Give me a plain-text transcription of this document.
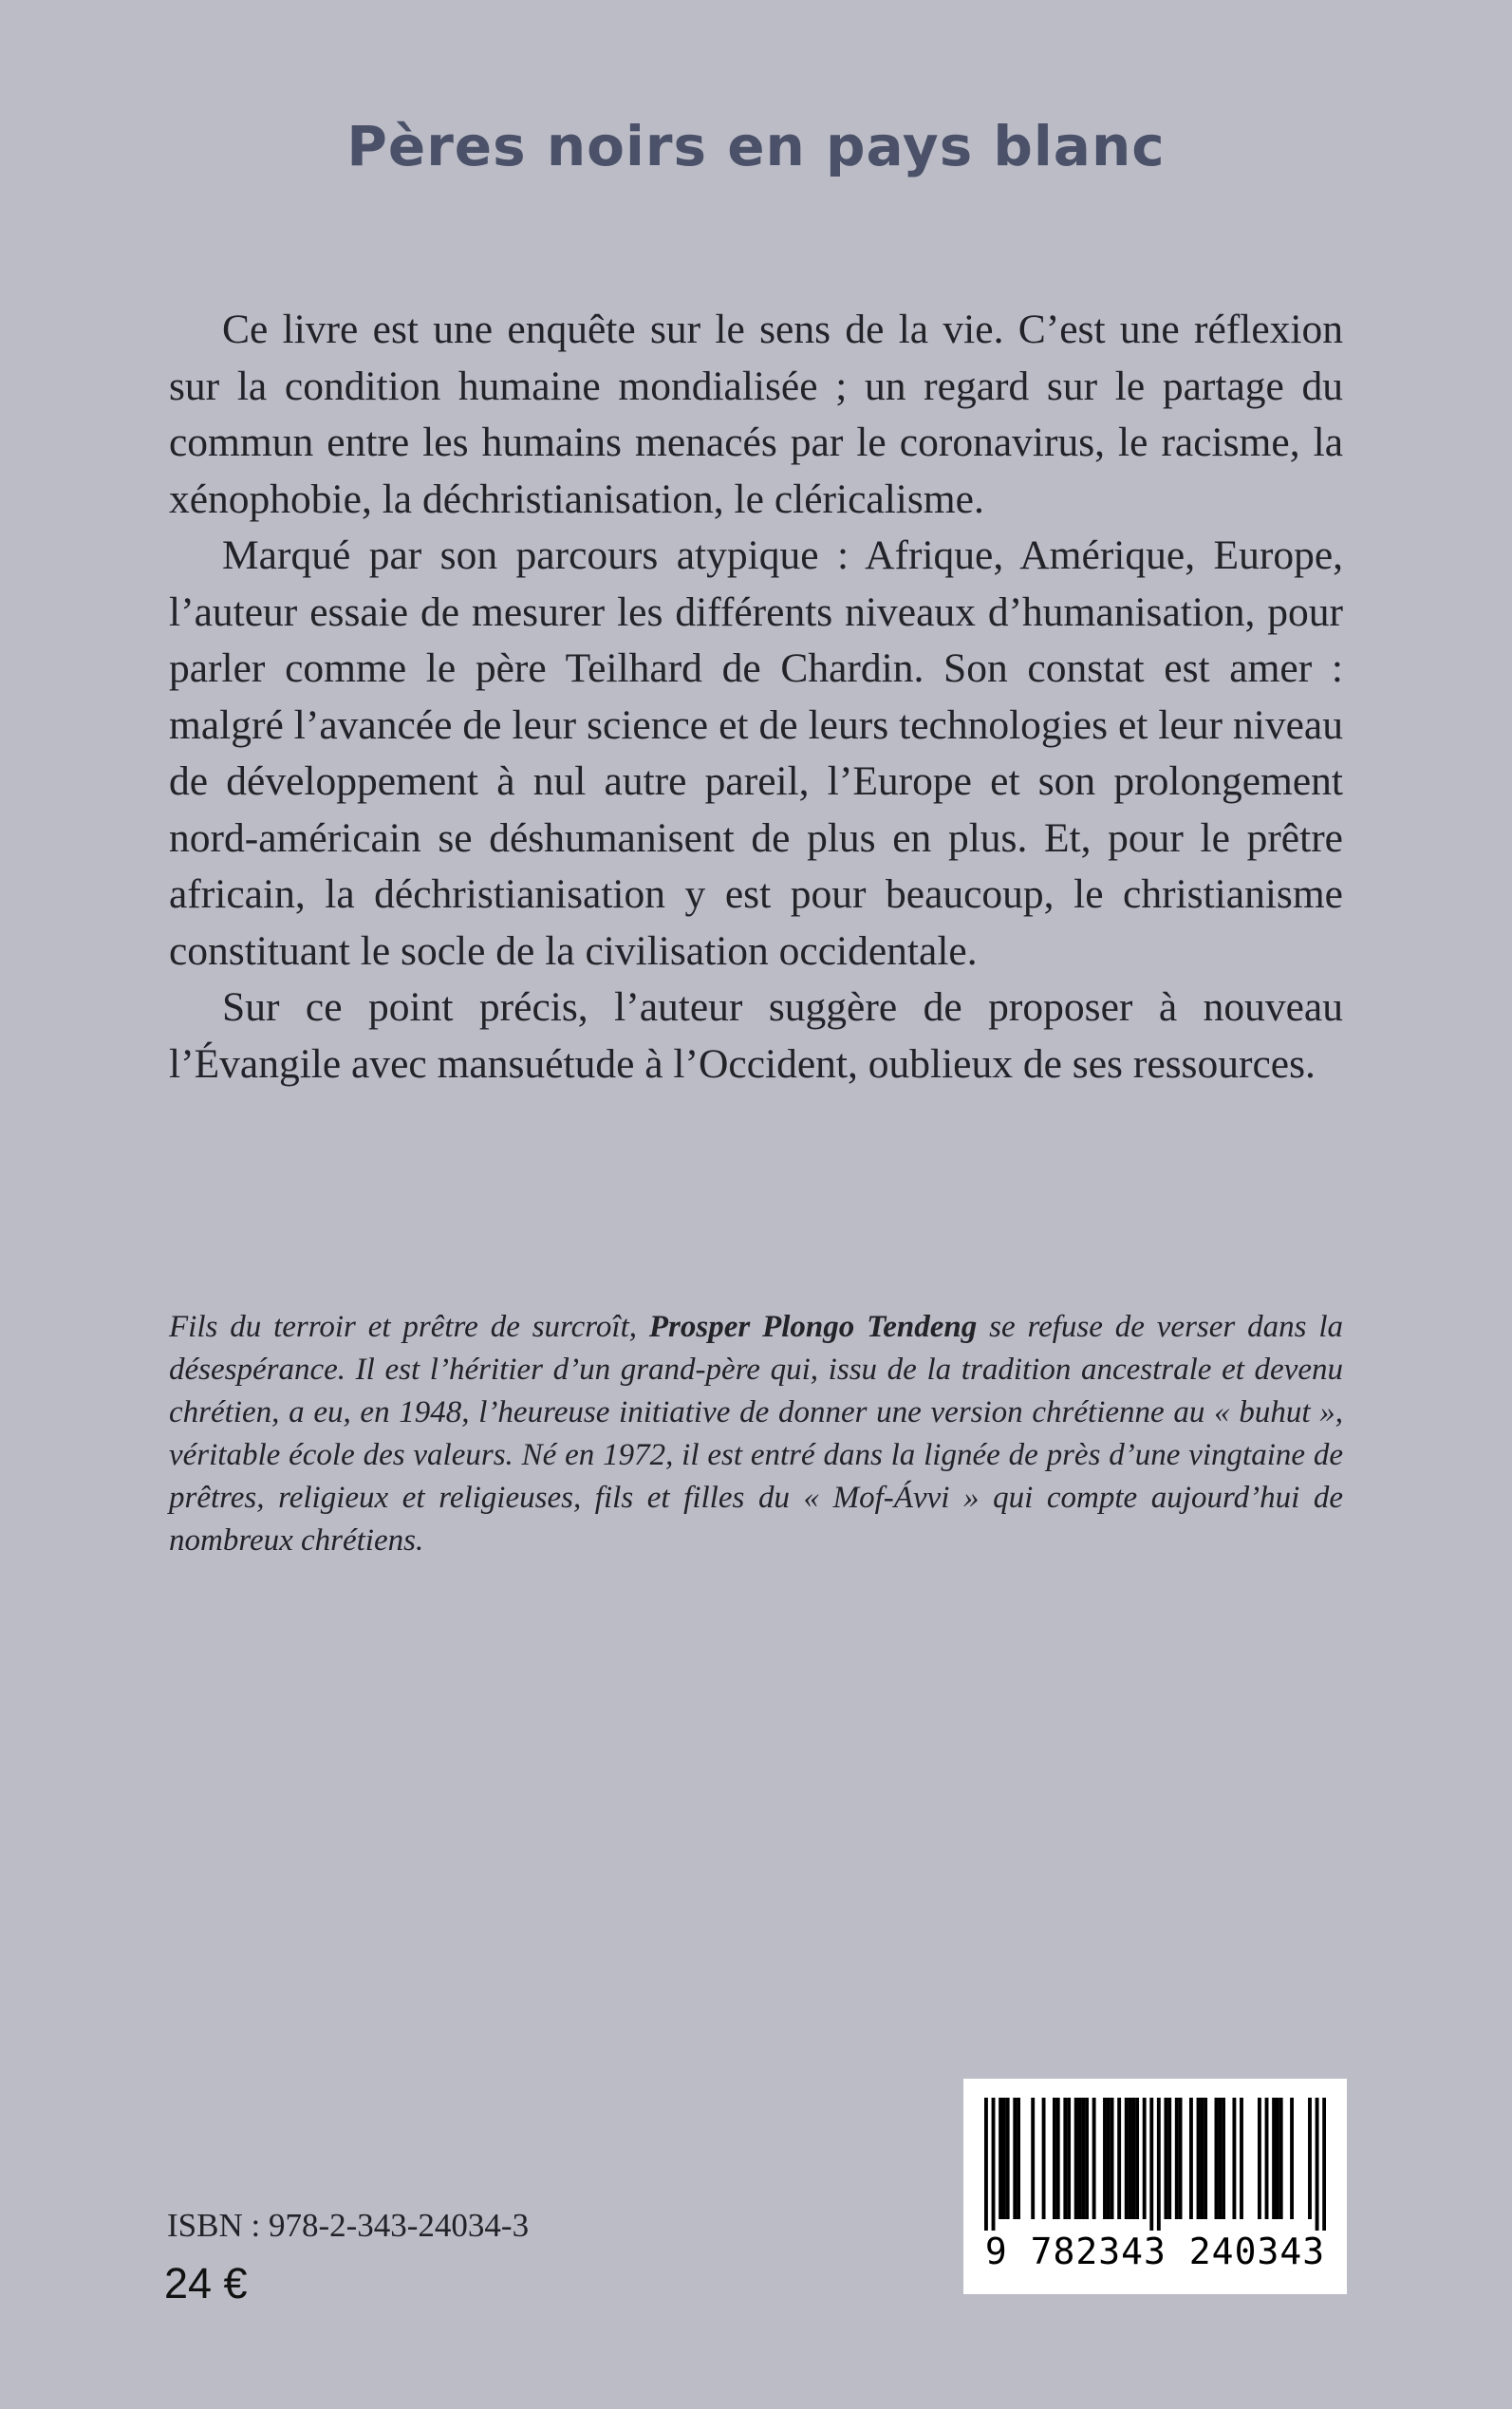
Pères noirs en pays blanc

Ce livre est une enquête sur le sens de la vie. C’est une réflexion sur la condition humaine mondialisée ; un regard sur le partage du commun entre les humains menacés par le coronavirus, le racisme, la xénophobie, la déchristianisation, le cléricalisme.

Marqué par son parcours atypique : Afrique, Amérique, Europe, l’auteur essaie de mesurer les différents niveaux d’humanisation, pour parler comme le père Teilhard de Chardin. Son constat est amer : malgré l’avancée de leur science et de leurs technologies et leur niveau de développement à nul autre pareil, l’Europe et son prolongement nord-américain se déshumanisent de plus en plus. Et, pour le prêtre africain, la déchristianisation y est pour beaucoup, le christianisme constituant le socle de la civilisation occidentale.

Sur ce point précis, l’auteur suggère de proposer à nouveau l’Évangile avec mansuétude à l’Occident, oublieux de ses ressources.

Fils du terroir et prêtre de surcroît, Prosper Plongo Tendeng se refuse de verser dans la désespérance. Il est l’héritier d’un grand-père qui, issu de la tradition ancestrale et devenu chrétien, a eu, en 1948, l’heureuse initiative de donner une version chrétienne au « buhut », véritable école des valeurs. Né en 1972, il est entré dans la lignée de près d’une vingtaine de prêtres, religieux et religieuses, fils et filles du « Mof-Ávvi » qui compte aujourd’hui de nombreux chrétiens.

ISBN : 978-2-343-24034-3

24 €

9 782343 240343
